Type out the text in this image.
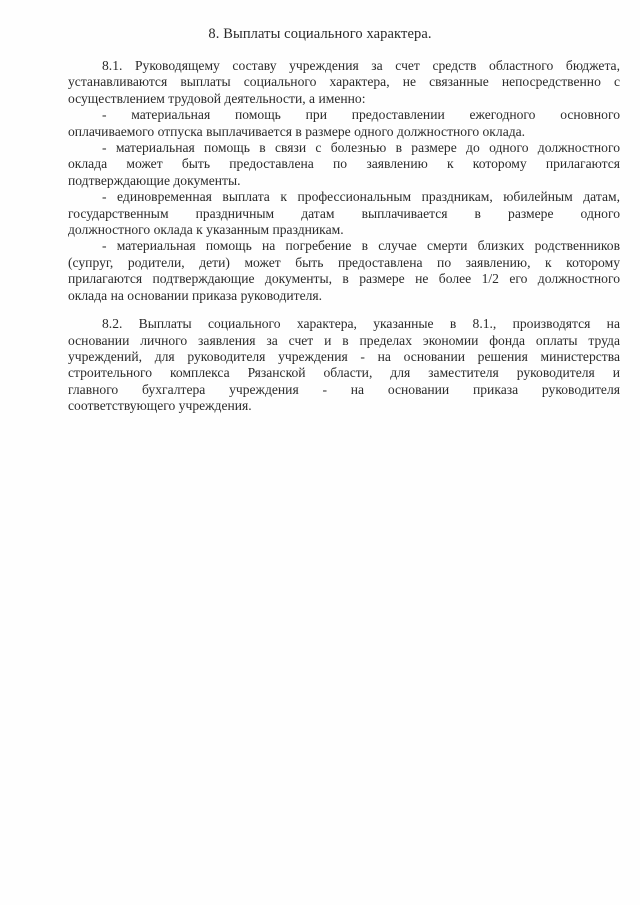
8. Выплаты социального характера.
8.1. Руководящему составу учреждения за счет средств областного бюджета,
устанавливаются выплаты социального характера, не связанные непосредственно с
осуществлением трудовой деятельности, а именно:
- материальная помощь при предоставлении ежегодного основного
оплачиваемого отпуска выплачивается в размере одного должностного оклада.
- материальная помощь в связи с болезнью в размере до одного должностного
оклада может быть предоставлена по заявлению к которому прилагаются
подтверждающие документы.
- единовременная выплата к профессиональным праздникам, юбилейным датам,
государственным праздничным датам выплачивается в размере одного
должностного оклада к указанным праздникам.
- материальная помощь на погребение в случае смерти близких родственников
(супруг, родители, дети) может быть предоставлена по заявлению, к которому
прилагаются подтверждающие документы, в размере не более 1/2 его должностного
оклада на основании приказа руководителя.
8.2. Выплаты социального характера, указанные в 8.1., производятся на
основании личного заявления за счет и в пределах экономии фонда оплаты труда
учреждений, для руководителя учреждения - на основании решения министерства
строительного комплекса Рязанской области, для заместителя руководителя и
главного бухгалтера учреждения - на основании приказа руководителя
соответствующего учреждения.
